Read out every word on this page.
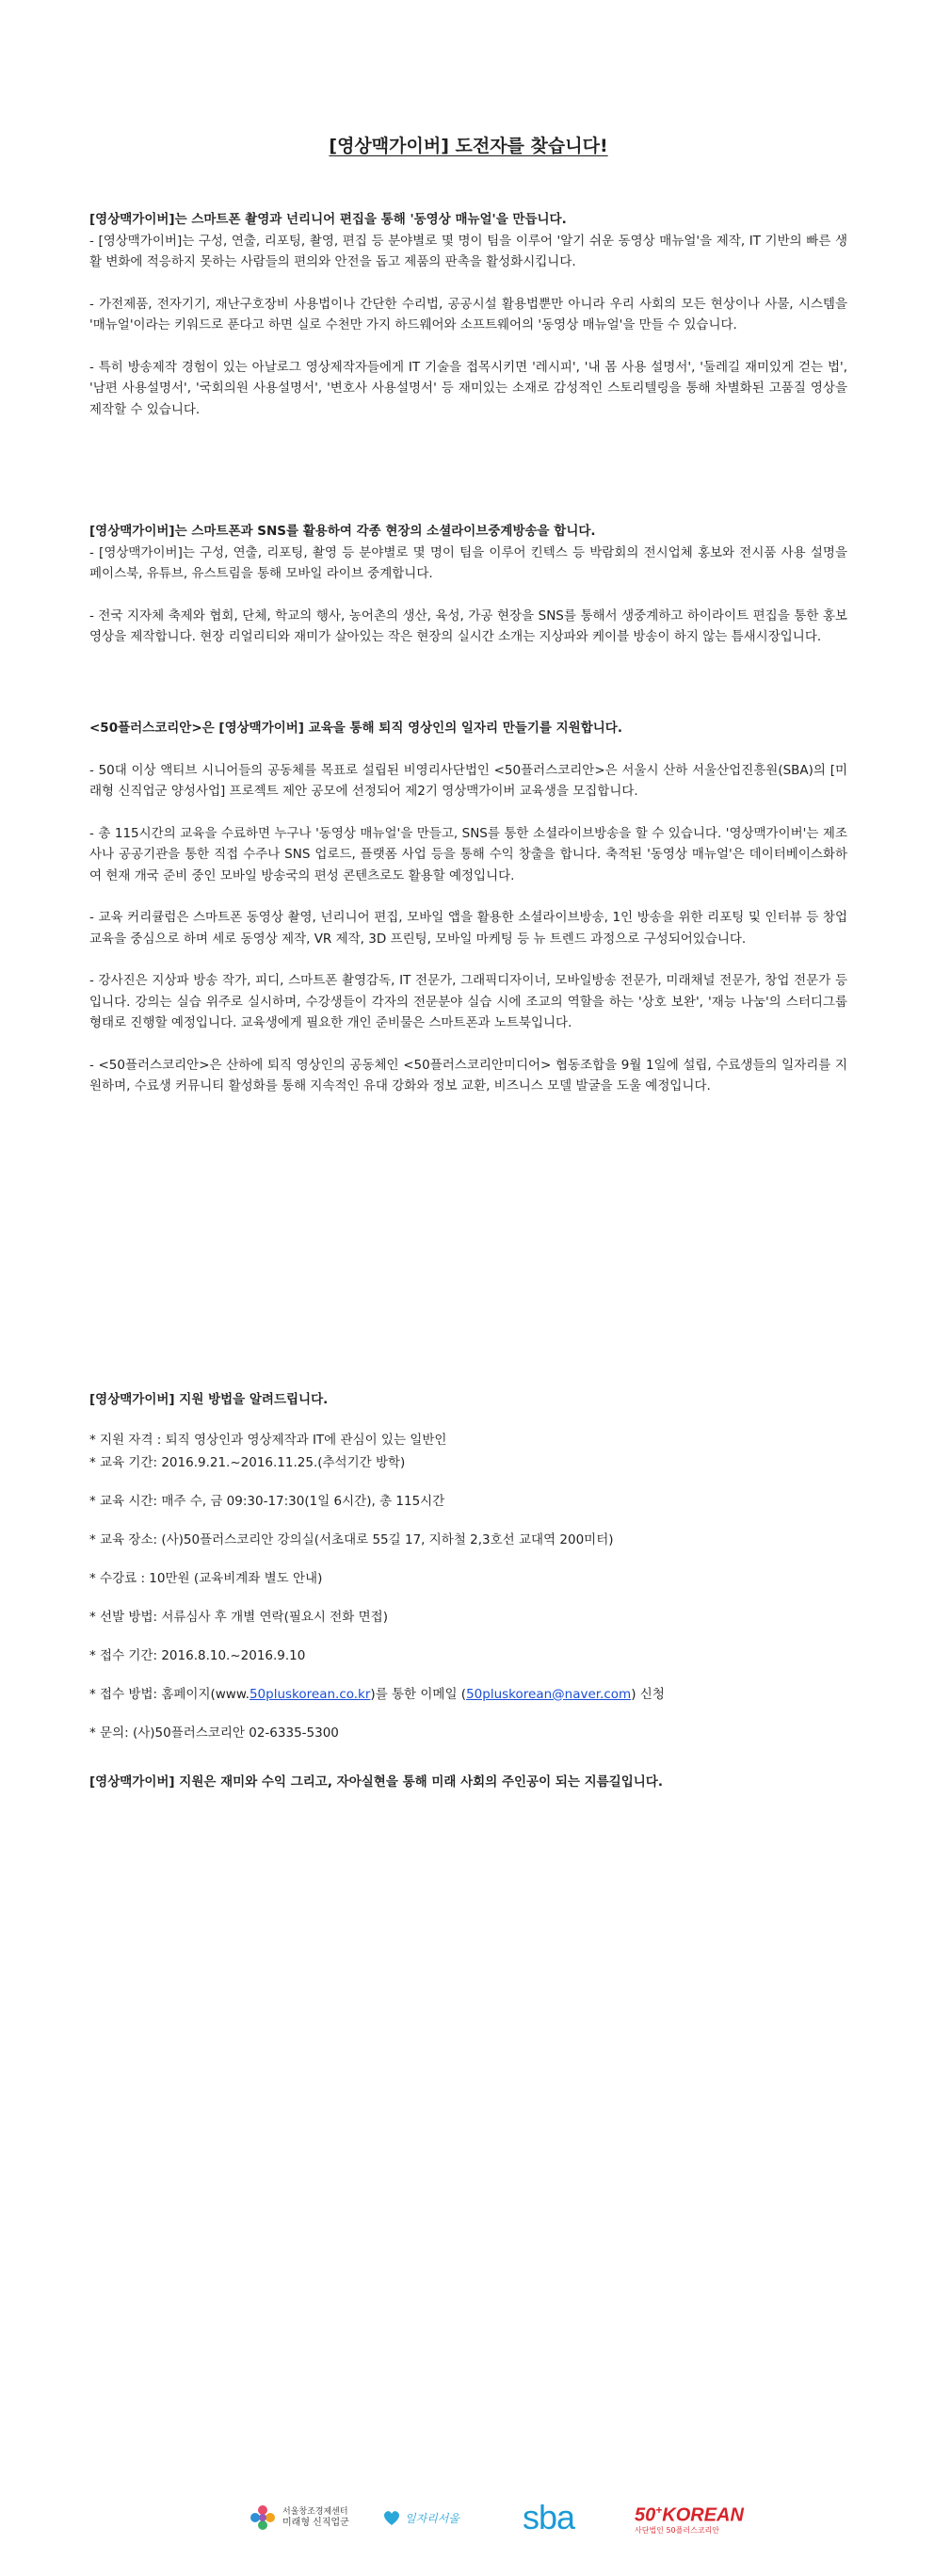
[영상맥가이버] 도전자를 찾습니다!
[영상맥가이버]는 스마트폰 촬영과 넌리니어 편집을 통해 '동영상 매뉴얼'을 만듭니다.

- [영상맥가이버]는 구성, 연출, 리포팅, 촬영, 편집 등 분야별로 몇 명이 팀을 이루어 '알기 쉬운 동영상 매뉴얼'을 제작, IT 기반의 빠른 생활 변화에 적응하지 못하는 사람들의 편의와 안전을 돕고 제품의 판촉을 활성화시킵니다.

- 가전제품, 전자기기, 재난구호장비 사용법이나 간단한 수리법, 공공시설 활용법뿐만 아니라 우리 사회의 모든 현상이나 사물, 시스템을 '매뉴얼'이라는 키워드로 푼다고 하면 실로 수천만 가지 하드웨어와 소프트웨어의 '동영상 매뉴얼'을 만들 수 있습니다.

- 특히 방송제작 경험이 있는 아날로그 영상제작자들에게 IT 기술을 접목시키면 '레시피', '내 몸 사용 설명서', '둘레길 재미있게 걷는 법', '남편 사용설명서', '국회의원 사용설명서', '변호사 사용설명서' 등 재미있는 소재로 감성적인 스토리텔링을 통해 차별화된 고품질 영상을 제작할 수 있습니다.

[영상맥가이버]는 스마트폰과 SNS를 활용하여 각종 현장의 소셜라이브중계방송을 합니다.

- [영상맥가이버]는 구성, 연출, 리포팅, 촬영 등 분야별로 몇 명이 팀을 이루어 킨텍스 등 박람회의 전시업체 홍보와 전시품 사용 설명을 페이스북, 유튜브, 유스트림을 통해 모바일 라이브 중계합니다.

- 전국 지자체 축제와 협회, 단체, 학교의 행사, 농어촌의 생산, 육성, 가공 현장을 SNS를 통해서 생중계하고 하이라이트 편집을 통한 홍보 영상을 제작합니다. 현장 리얼리티와 재미가 살아있는 작은 현장의 실시간 소개는 지상파와 케이블 방송이 하지 않는 틈새시장입니다.

<50플러스코리안>은 [영상맥가이버] 교육을 통해 퇴직 영상인의 일자리 만들기를 지원합니다.

- 50대 이상 액티브 시니어들의 공동체를 목표로 설립된 비영리사단법인 <50플러스코리안>은 서울시 산하 서울산업진흥원(SBA)의 [미래형 신직업군 양성사업] 프로젝트 제안 공모에 선정되어 제2기 영상맥가이버 교육생을 모집합니다.

- 총 115시간의 교육을 수료하면 누구나 '동영상 매뉴얼'을 만들고, SNS를 통한 소셜라이브방송을 할 수 있습니다. '영상맥가이버'는 제조사나 공공기관을 통한 직접 수주나 SNS 업로드, 플랫폼 사업 등을 통해 수익 창출을 합니다. 축적된 '동영상 매뉴얼'은 데이터베이스화하여 현재 개국 준비 중인 모바일 방송국의 편성 콘텐츠로도 활용할 예정입니다.

- 교육 커리큘럼은 스마트폰 동영상 촬영, 넌리니어 편집, 모바일 앱을 활용한 소셜라이브방송, 1인 방송을 위한 리포팅 및 인터뷰 등 창업 교육을 중심으로 하며 세로 동영상 제작, VR 제작, 3D 프린팅, 모바일 마케팅 등 뉴 트렌드 과정으로 구성되어있습니다.

- 강사진은 지상파 방송 작가, 피디, 스마트폰 촬영감독, IT 전문가, 그래픽디자이너, 모바일방송 전문가, 미래채널 전문가, 창업 전문가 등입니다. 강의는 실습 위주로 실시하며, 수강생들이 각자의 전문분야 실습 시에 조교의 역할을 하는 '상호 보완', '재능 나눔'의 스터디그룹 형태로 진행할 예정입니다. 교육생에게 필요한 개인 준비물은 스마트폰과 노트북입니다.

- <50플러스코리안>은 산하에 퇴직 영상인의 공동체인 <50플러스코리안미디어> 협동조합을 9월 1일에 설립, 수료생들의 일자리를 지원하며, 수료생 커뮤니티 활성화를 통해 지속적인 유대 강화와 정보 교환, 비즈니스 모델 발굴을 도울 예정입니다.

[영상맥가이버] 지원 방법을 알려드립니다.

* 지원 자격 : 퇴직 영상인과 영상제작과 IT에 관심이 있는 일반인

* 교육 기간: 2016.9.21.~2016.11.25.(추석기간 방학)

* 교육 시간: 매주 수, 금 09:30-17:30(1일 6시간), 총 115시간

* 교육 장소: (사)50플러스코리안 강의실(서초대로 55길 17, 지하철 2,3호선 교대역 200미터)

* 수강료 : 10만원 (교육비계좌 별도 안내)

* 선발 방법: 서류심사 후 개별 연락(필요시 전화 면접)

* 접수 기간: 2016.8.10.~2016.9.10

* 접수 방법: 홈페이지(www.50pluskorean.co.kr)를 통한 이메일 (50pluskorean@naver.com) 신청

* 문의: (사)50플러스코리안 02-6335-5300

[영상맥가이버] 지원은 재미와 수익 그리고, 자아실현을 통해 미래 사회의 주인공이 되는 지름길입니다.

서울창조경제센터
미래형 신직업군	일자리서울 sba	50+KOREAN
사단법인 50플러스코리안
